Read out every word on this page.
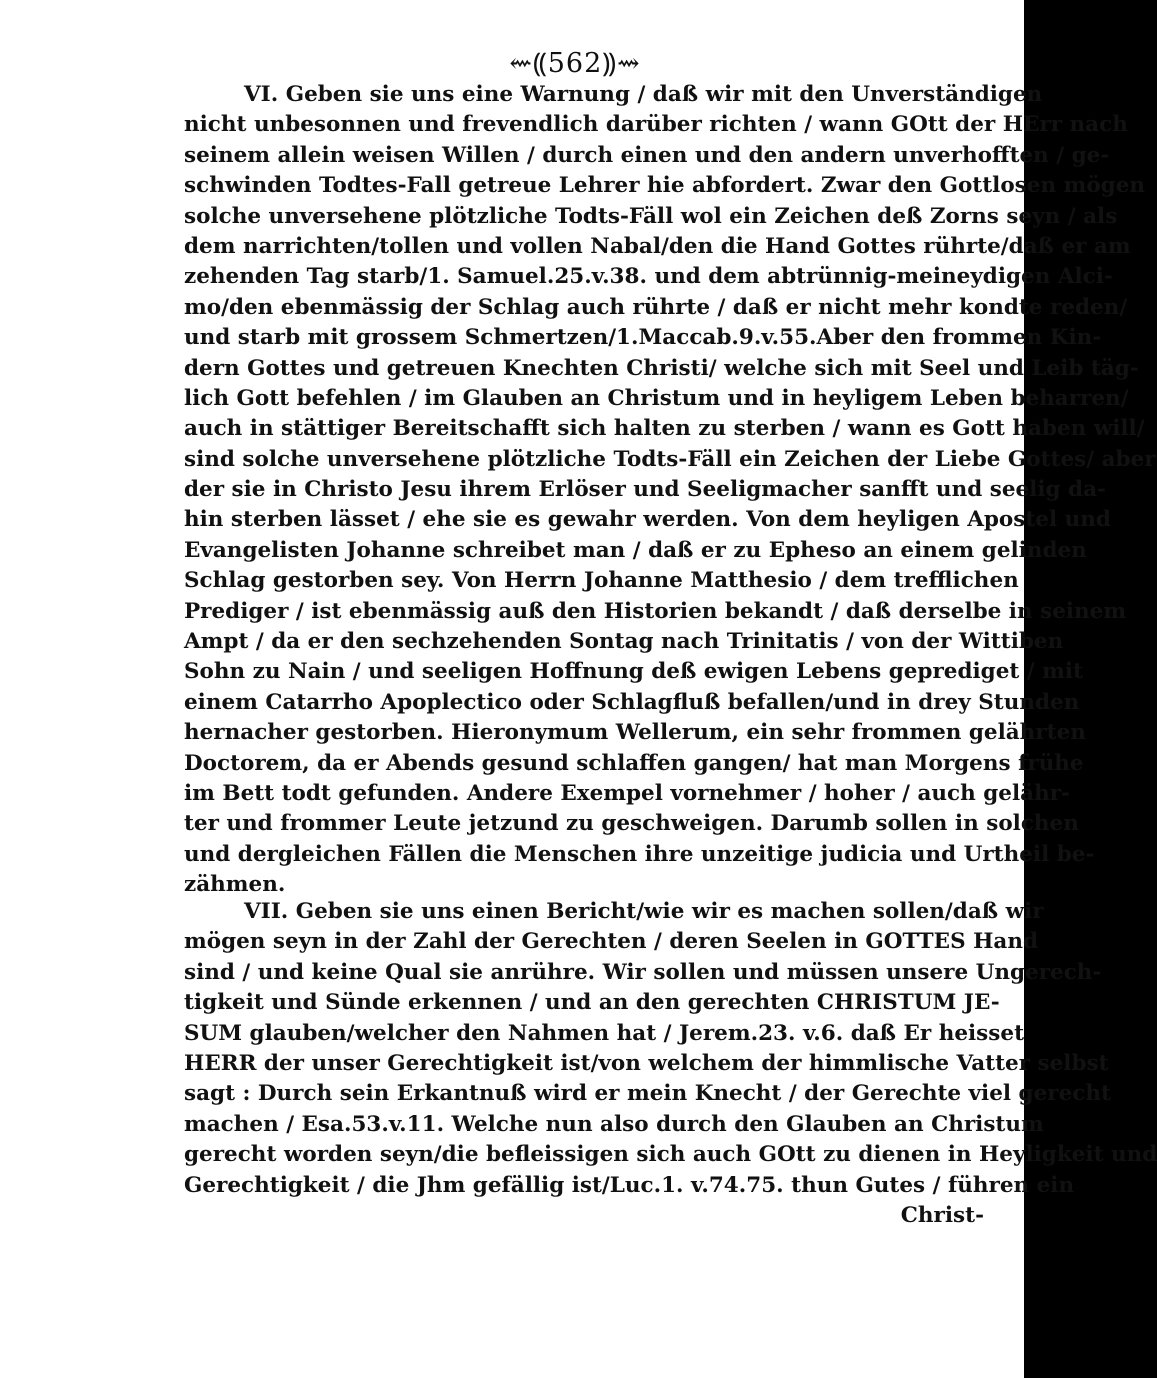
⇜⸨562⸩⇝
VI. Geben sie uns eine Warnung / daß wir mit den Unverständigen
nicht unbesonnen und frevendlich darüber richten / wann GOtt der HErr nach
seinem allein weisen Willen / durch einen und den andern unverhofften / ge-
schwinden Todtes-Fall getreue Lehrer hie abfordert. Zwar den Gottlosen mögen
solche unversehene plötzliche Todts-Fäll wol ein Zeichen deß Zorns seyn / als
dem narrichten/tollen und vollen Nabal/den die Hand Gottes rührte/daß er am
zehenden Tag starb/1. Samuel.25.v.38. und dem abtrünnig-meineydigen Alci-
mo/den ebenmässig der Schlag auch rührte / daß er nicht mehr kondte reden/
und starb mit grossem Schmertzen/1.Maccab.9.v.55.Aber den frommen Kin-
dern Gottes und getreuen Knechten Christi/ welche sich mit Seel und Leib täg-
lich Gott befehlen / im Glauben an Christum und in heyligem Leben beharren/
auch in stättiger Bereitschafft sich halten zu sterben / wann es Gott haben will/
sind solche unversehene plötzliche Todts-Fäll ein Zeichen der Liebe Gottes/ aber
der sie in Christo Jesu ihrem Erlöser und Seeligmacher sanfft und seelig da-
hin sterben lässet / ehe sie es gewahr werden. Von dem heyligen Apostel und
Evangelisten Johanne schreibet man / daß er zu Epheso an einem gelinden
Schlag gestorben sey. Von Herrn Johanne Matthesio / dem trefflichen
Prediger / ist ebenmässig auß den Historien bekandt / daß derselbe in seinem
Ampt / da er den sechzehenden Sontag nach Trinitatis / von der Wittiben
Sohn zu Nain / und seeligen Hoffnung deß ewigen Lebens geprediget / mit
einem Catarrho Apoplectico oder Schlagfluß befallen/und in drey Stunden
hernacher gestorben. Hieronymum Wellerum, ein sehr frommen gelährten
Doctorem, da er Abends gesund schlaffen gangen/ hat man Morgens frühe
im Bett todt gefunden. Andere Exempel vornehmer / hoher / auch gelähr-
ter und frommer Leute jetzund zu geschweigen. Darumb sollen in solchen
und dergleichen Fällen die Menschen ihre unzeitige judicia und Urtheil be-
zähmen.
VII. Geben sie uns einen Bericht/wie wir es machen sollen/daß wir
mögen seyn in der Zahl der Gerechten / deren Seelen in GOTTES Hand
sind / und keine Qual sie anrühre. Wir sollen und müssen unsere Ungerech-
tigkeit und Sünde erkennen / und an den gerechten CHRISTUM JE-
SUM glauben/welcher den Nahmen hat / Jerem.23. v.6. daß Er heisset
HERR der unser Gerechtigkeit ist/von welchem der himmlische Vatter selbst
sagt : Durch sein Erkantnuß wird er mein Knecht / der Gerechte viel gerecht
machen / Esa.53.v.11. Welche nun also durch den Glauben an Christum
gerecht worden seyn/die befleissigen sich auch GOtt zu dienen in Heyligkeit und
Gerechtigkeit / die Jhm gefällig ist/Luc.1. v.74.75. thun Gutes / führen ein
Christ-
